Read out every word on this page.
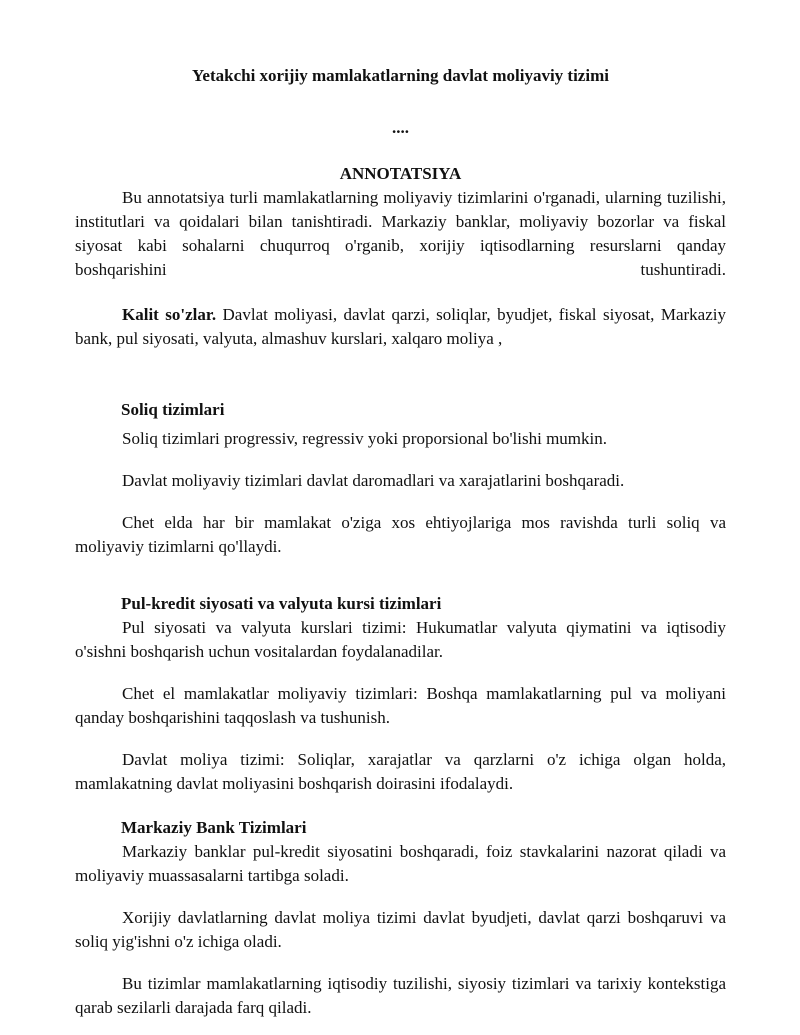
Yetakchi xorijiy mamlakatlarning davlat moliyaviy tizimi
....
ANNOTATSIYA

Bu annotatsiya turli mamlakatlarning moliyaviy tizimlarini o'rganadi, ularning tuzilishi, institutlari va qoidalari bilan tanishtiradi. Markaziy banklar, moliyaviy bozorlar va fiskal siyosat kabi sohalarni chuqurroq o'rganib, xorijiy iqtisodlarning resurslarni qanday boshqarishini tushuntiradi.

Kalit so'zlar. Davlat moliyasi, davlat qarzi, soliqlar, byudjet, fiskal siyosat, Markaziy bank, pul siyosati, valyuta, almashuv kurslari, xalqaro moliya ,

Soliq tizimlari

Soliq tizimlari progressiv, regressiv yoki proporsional bo'lishi mumkin.

Davlat moliyaviy tizimlari davlat daromadlari va xarajatlarini boshqaradi.

Chet elda har bir mamlakat o'ziga xos ehtiyojlariga mos ravishda turli soliq va moliyaviy tizimlarni qo'llaydi.

Pul-kredit siyosati va valyuta kursi tizimlari

Pul siyosati va valyuta kurslari tizimi: Hukumatlar valyuta qiymatini va iqtisodiy o'sishni boshqarish uchun vositalardan foydalanadilar.

Chet el mamlakatlar moliyaviy tizimlari: Boshqa mamlakatlarning pul va moliyani qanday boshqarishini taqqoslash va tushunish.

Davlat moliya tizimi: Soliqlar, xarajatlar va qarzlarni o'z ichiga olgan holda, mamlakatning davlat moliyasini boshqarish doirasini ifodalaydi.

Markaziy Bank Tizimlari

Markaziy banklar pul-kredit siyosatini boshqaradi, foiz stavkalarini nazorat qiladi va moliyaviy muassasalarni tartibga soladi.

Xorijiy davlatlarning davlat moliya tizimi davlat byudjeti, davlat qarzi boshqaruvi va soliq yig'ishni o'z ichiga oladi.

Bu tizimlar mamlakatlarning iqtisodiy tuzilishi, siyosiy tizimlari va tarixiy kontekstiga qarab sezilarli darajada farq qiladi.
